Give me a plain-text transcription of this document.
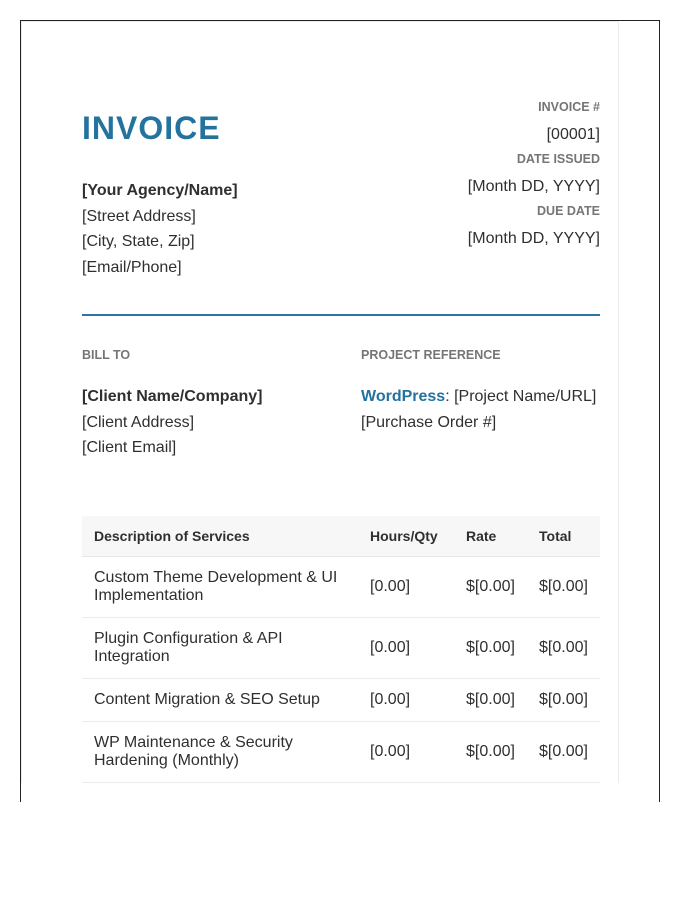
INVOICE
INVOICE #
[00001]
DATE ISSUED
[Month DD, YYYY]
DUE DATE
[Month DD, YYYY]
[Your Agency/Name]
[Street Address]
[City, State, Zip]
[Email/Phone]
BILL TO	PROJECT REFERENCE
[Client Name/Company]
[Client Address]
[Client Email]
WordPress: [Project Name/URL]
[Purchase Order #]
Description of Services	Hours/Qty	Rate	Total
Custom Theme Development & UI Implementation	[0.00]	$[0.00]	$[0.00]
Plugin Configuration & API Integration	[0.00]	$[0.00]	$[0.00]
Content Migration & SEO Setup	[0.00]	$[0.00]	$[0.00]
WP Maintenance & Security Hardening (Monthly)	[0.00]	$[0.00]	$[0.00]
